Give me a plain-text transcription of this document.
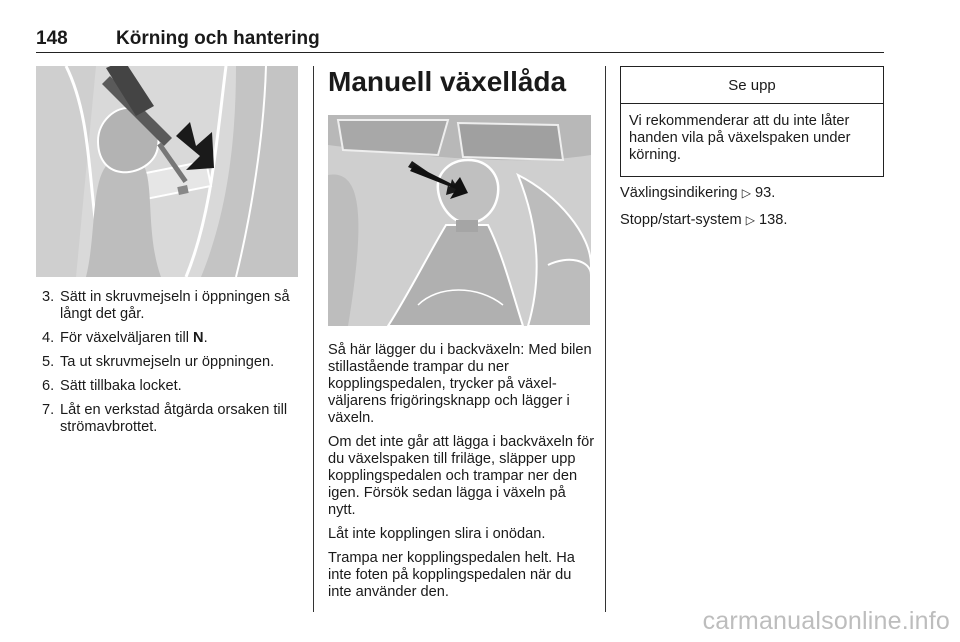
148	Körning och hantering
3. Sätt in skruvmejseln i öppningen så långt det går.
4. För växelväljaren till N.
5. Ta ut skruvmejseln ur öppningen.
6. Sätt tillbaka locket.
7. Låt en verkstad åtgärda orsaken till strömavbrottet.
Manuell växellåda

Så här lägger du i backväxeln: Med bilen stillastående trampar du ner kopplingspedalen, trycker på växelväljarens frigöringsknapp och lägger i växeln.

Om det inte går att lägga i backväxeln för du växelspaken till friläge, släpper upp kopplingspedalen och trampar ner den igen. Försök sedan lägga i växeln på nytt.

Låt inte kopplingen slira i onödan.

Trampa ner kopplingspedalen helt. Ha inte foten på kopplingspedalen när du inte använder den.

Se upp
Vi rekommenderar att du inte låter handen vila på växelspaken under körning.

Växlingsindikering ▷ 93.

Stopp/start-system ▷ 138.

carmanualsonline.info
